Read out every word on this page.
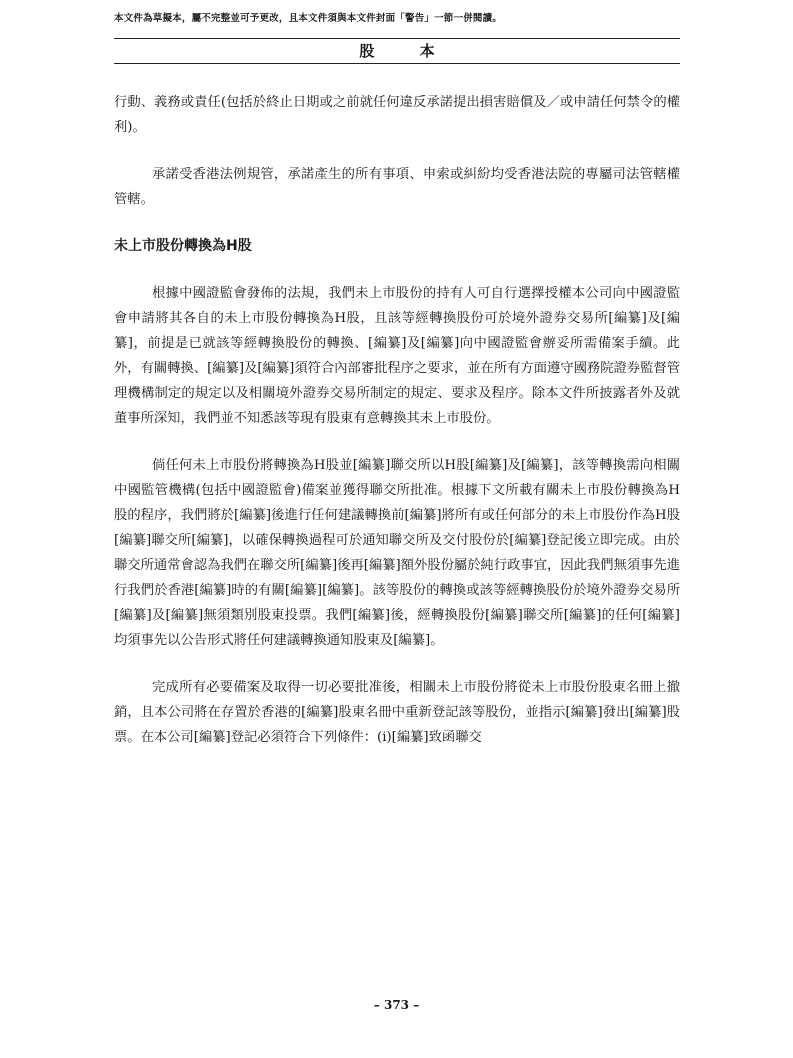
本文件為草擬本，屬不完整並可予更改，且本文件須與本文件封面「警告」一節一併閱讀。
股 本

行動、義務或責任(包括於終止日期或之前就任何違反承諾提出損害賠償及／或申請任何禁令的權利)。

承諾受香港法例規管，承諾產生的所有事項、申索或糾紛均受香港法院的專屬司法管轄權管轄。

未上市股份轉換為H股

根據中國證監會發佈的法規，我們未上市股份的持有人可自行選擇授權本公司向中國證監會申請將其各自的未上市股份轉換為H股，且該等經轉換股份可於境外證券交易所[編纂]及[編纂]，前提是已就該等經轉換股份的轉換、[編纂]及[編纂]向中國證監會辦妥所需備案手續。此外，有關轉換、[編纂]及[編纂]須符合內部審批程序之要求，並在所有方面遵守國務院證券監督管理機構制定的規定以及相關境外證券交易所制定的規定、要求及程序。除本文件所披露者外及就董事所深知，我們並不知悉該等現有股東有意轉換其未上市股份。

倘任何未上市股份將轉換為H股並[編纂]聯交所以H股[編纂]及[編纂]，該等轉換需向相關中國監管機構(包括中國證監會)備案並獲得聯交所批准。根據下文所載有關未上市股份轉換為H股的程序，我們將於[編纂]後進行任何建議轉換前[編纂]將所有或任何部分的未上市股份作為H股[編纂]聯交所[編纂]，以確保轉換過程可於通知聯交所及交付股份於[編纂]登記後立即完成。由於聯交所通常會認為我們在聯交所[編纂]後再[編纂]額外股份屬於純行政事宜，因此我們無須事先進行我們於香港[編纂]時的有關[編纂][編纂]。該等股份的轉換或該等經轉換股份於境外證券交易所[編纂]及[編纂]無須類別股東投票。我們[編纂]後，經轉換股份[編纂]聯交所[編纂]的任何[編纂]均須事先以公告形式將任何建議轉換通知股東及[編纂]。

完成所有必要備案及取得一切必要批准後，相關未上市股份將從未上市股份股東名冊上撤銷，且本公司將在存置於香港的[編纂]股東名冊中重新登記該等股份，並指示[編纂]發出[編纂]股票。在本公司[編纂]登記必須符合下列條件：(i)[編纂]致函聯交

– 373 –
